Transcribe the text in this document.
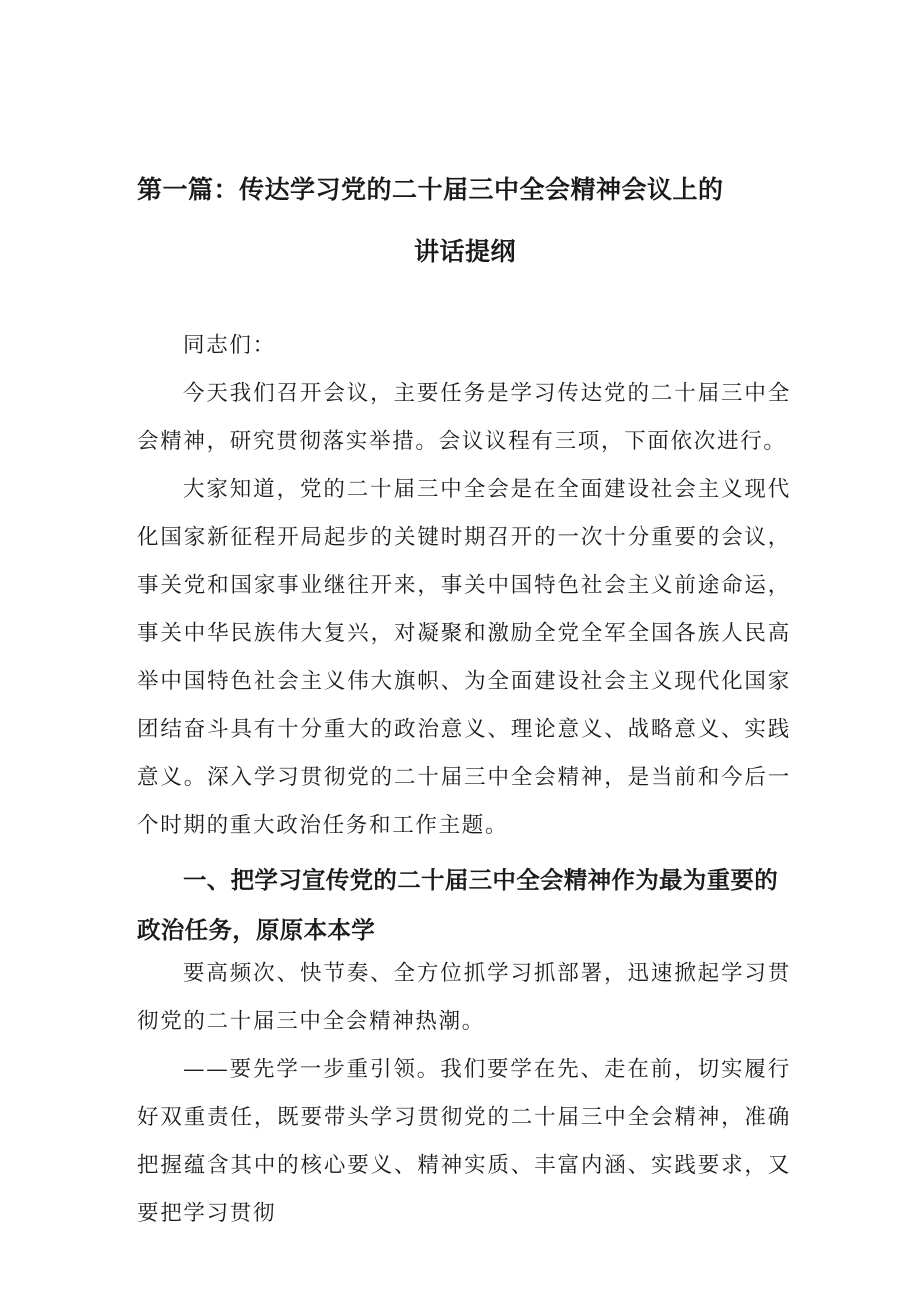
第一篇：传达学习党的二十届三中全会精神会议上的
讲话提纲

同志们：

今天我们召开会议，主要任务是学习传达党的二十届三中全会精神，研究贯彻落实举措。会议议程有三项，下面依次进行。

大家知道，党的二十届三中全会是在全面建设社会主义现代化国家新征程开局起步的关键时期召开的一次十分重要的会议，事关党和国家事业继往开来，事关中国特色社会主义前途命运，事关中华民族伟大复兴，对凝聚和激励全党全军全国各族人民高举中国特色社会主义伟大旗帜、为全面建设社会主义现代化国家团结奋斗具有十分重大的政治意义、理论意义、战略意义、实践意义。深入学习贯彻党的二十届三中全会精神，是当前和今后一个时期的重大政治任务和工作主题。

一、把学习宣传党的二十届三中全会精神作为最为重要的政治任务，原原本本学

要高频次、快节奏、全方位抓学习抓部署，迅速掀起学习贯彻党的二十届三中全会精神热潮。

——要先学一步重引领。我们要学在先、走在前，切实履行好双重责任，既要带头学习贯彻党的二十届三中全会精神，准确把握蕴含其中的核心要义、精神实质、丰富内涵、实践要求，又要把学习贯彻
